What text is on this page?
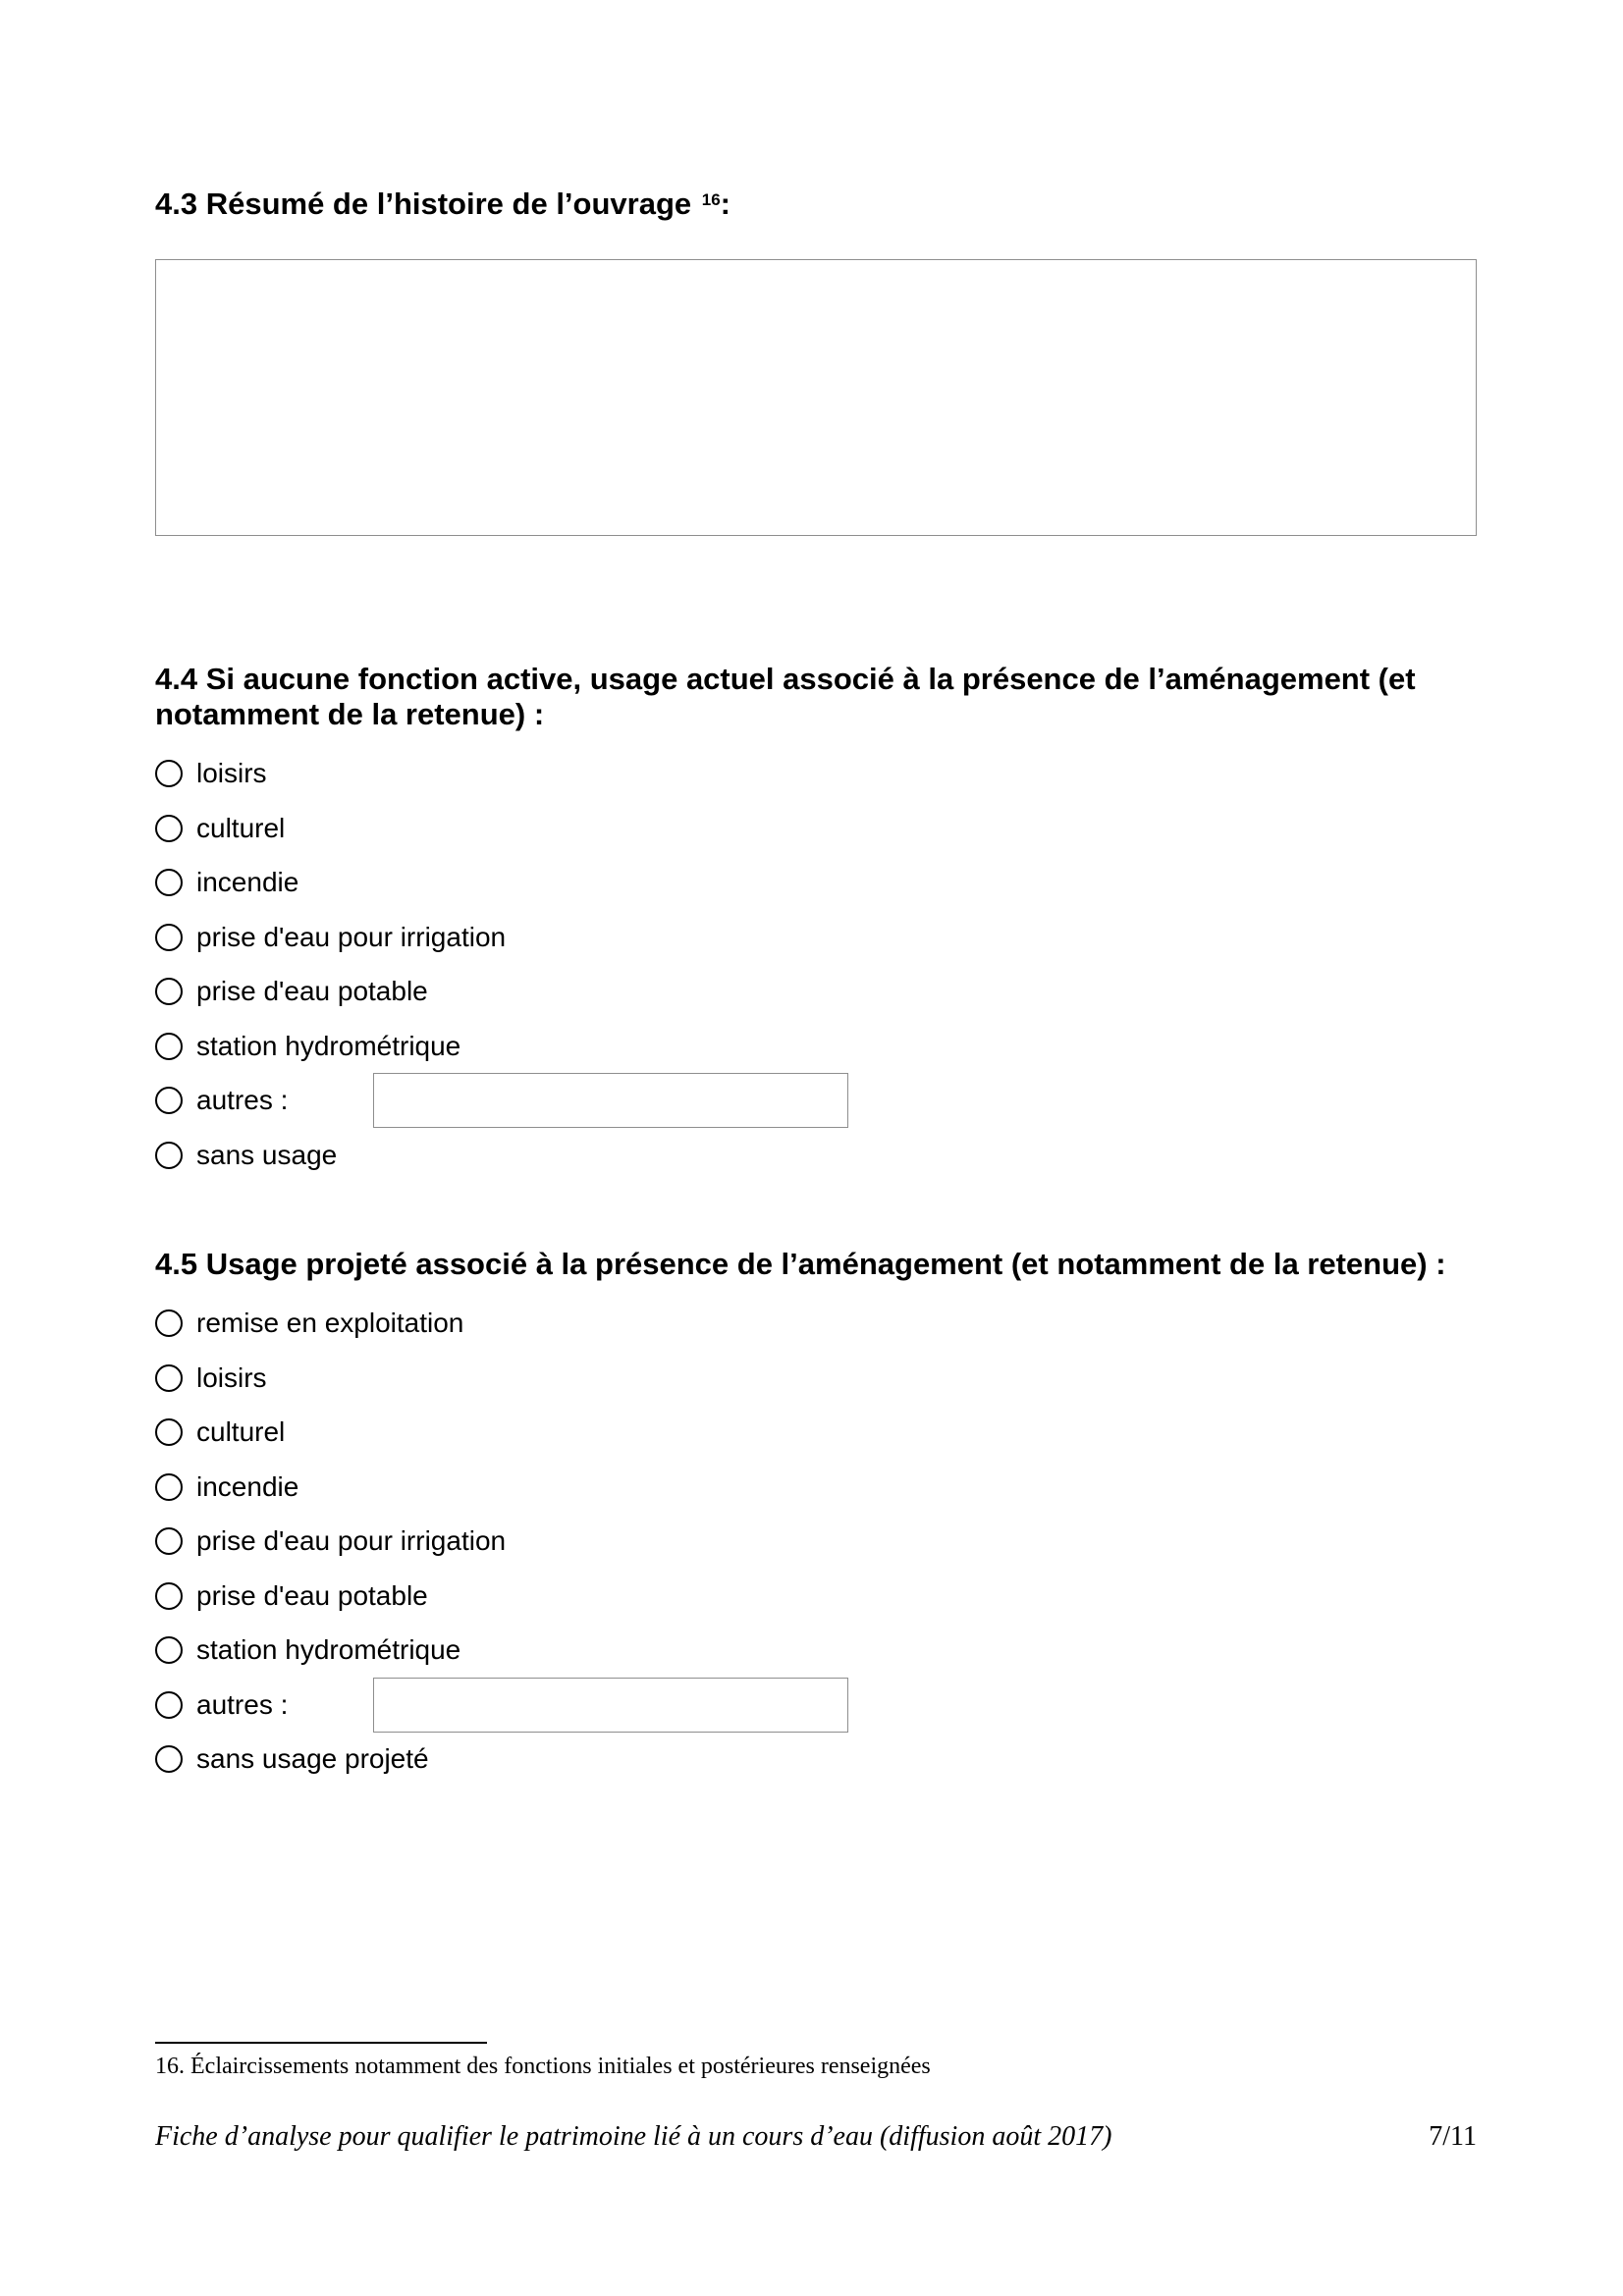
4.3 Résumé de l’histoire de l’ouvrage $^{16}$:
4.4 Si aucune fonction active, usage actuel associé à la présence de l’aménagement (et
notamment de la retenue) :
loisirs
culturel
incendie
prise d'eau pour irrigation
prise d'eau potable
station hydrométrique
autres :
sans usage
4.5 Usage projeté associé à la présence de l’aménagement (et notamment de la retenue) :
remise en exploitation
loisirs
culturel
incendie
prise d'eau pour irrigation
prise d'eau potable
station hydrométrique
autres :
sans usage projeté

16. Éclaircissements notamment des fonctions initiales et postérieures renseignées

Fiche d’analyse pour qualifier le patrimoine lié à un cours d’eau (diffusion août 2017)	7/11
